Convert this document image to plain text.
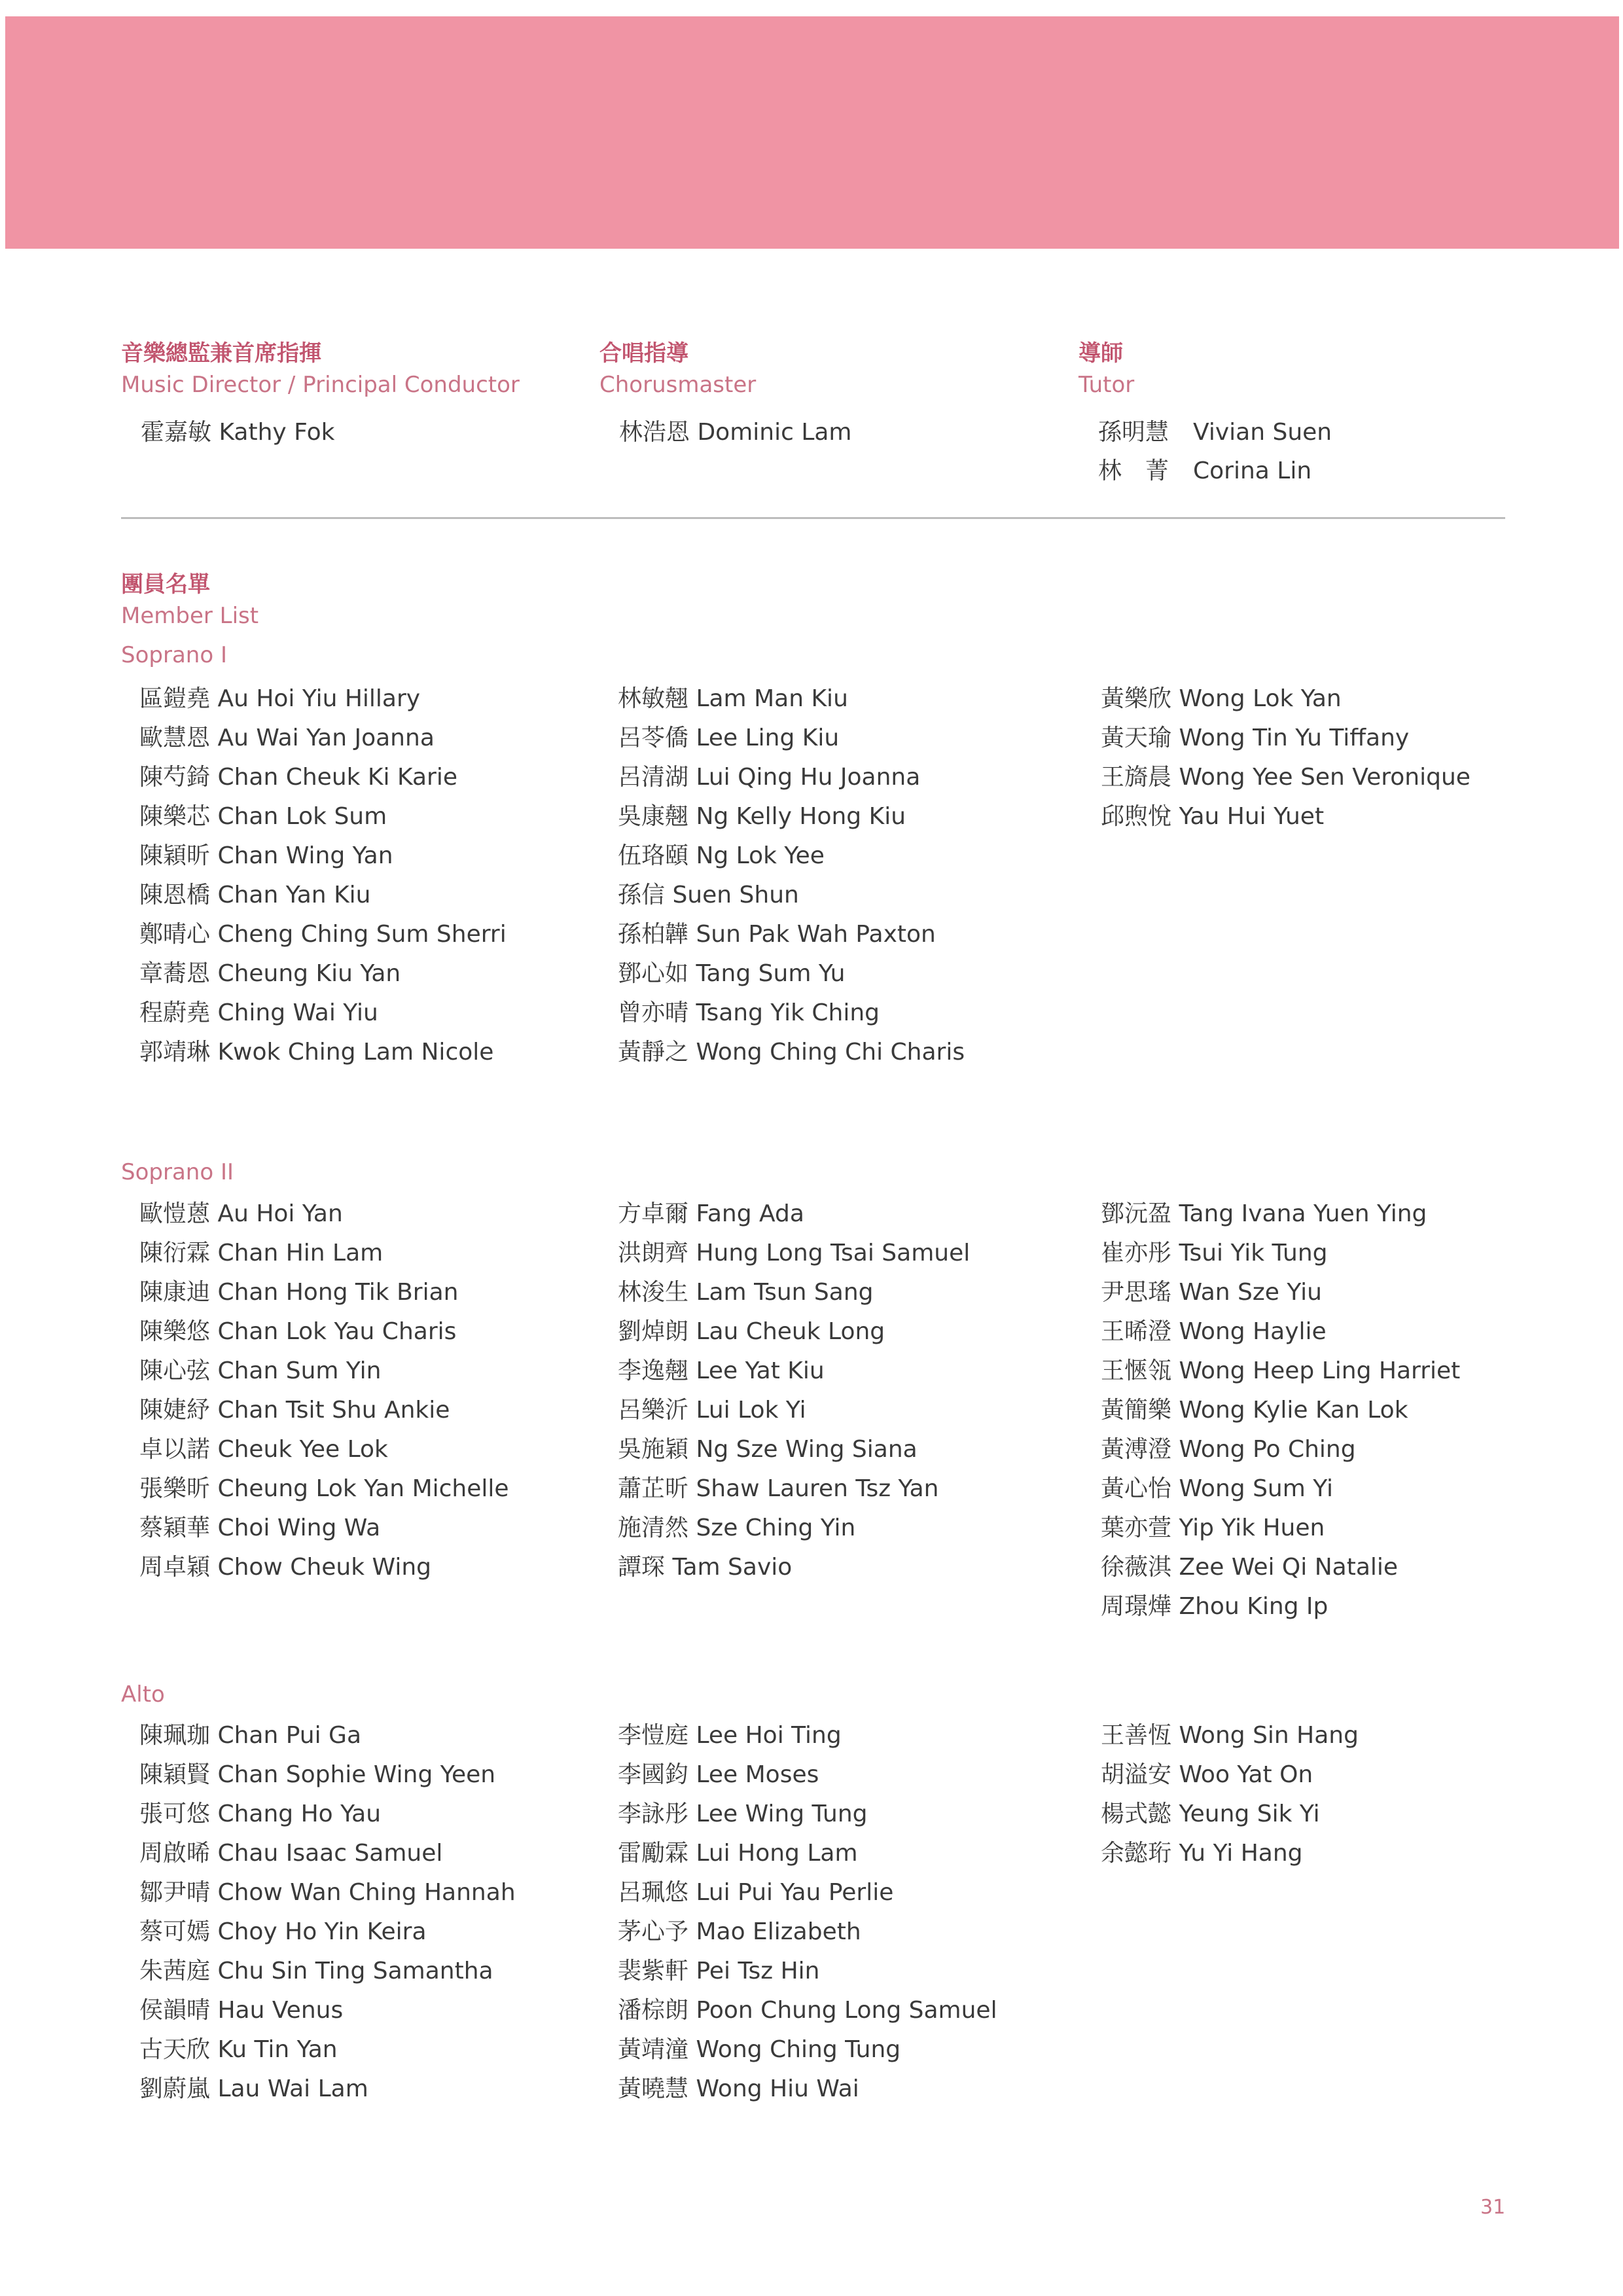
音樂總監兼首席指揮
Music Director / Principal Conductor
霍嘉敏 Kathy Fok
合唱指導
Chorusmaster
林浩恩 Dominic Lam
導師
Tutor
孫明慧 Vivian Suen
林　菁 Corina Lin
團員名單
Member List
Soprano I
區鎧堯 Au Hoi Yiu Hillary
歐慧恩 Au Wai Yan Joanna
陳芍錡 Chan Cheuk Ki Karie
陳樂芯 Chan Lok Sum
陳穎昕 Chan Wing Yan
陳恩橋 Chan Yan Kiu
鄭晴心 Cheng Ching Sum Sherri
章蕎恩 Cheung Kiu Yan
程蔚堯 Ching Wai Yiu
郭靖琳 Kwok Ching Lam Nicole
林敏翹 Lam Man Kiu
呂苓僑 Lee Ling Kiu
呂清湖 Lui Qing Hu Joanna
吳康翹 Ng Kelly Hong Kiu
伍珞頤 Ng Lok Yee
孫信 Suen Shun
孫柏韡 Sun Pak Wah Paxton
鄧心如 Tang Sum Yu
曾亦晴 Tsang Yik Ching
黃靜之 Wong Ching Chi Charis
黃樂欣 Wong Lok Yan
黃天瑜 Wong Tin Yu Tiffany
王旖晨 Wong Yee Sen Veronique
邱煦悅 Yau Hui Yuet
Soprano II
歐愷蒽 Au Hoi Yan
陳衍霖 Chan Hin Lam
陳康迪 Chan Hong Tik Brian
陳樂悠 Chan Lok Yau Charis
陳心弦 Chan Sum Yin
陳婕紓 Chan Tsit Shu Ankie
卓以諾 Cheuk Yee Lok
張樂昕 Cheung Lok Yan Michelle
蔡穎華 Choi Wing Wa
周卓穎 Chow Cheuk Wing
方卓爾 Fang Ada
洪朗齊 Hung Long Tsai Samuel
林浚生 Lam Tsun Sang
劉焯朗 Lau Cheuk Long
李逸翹 Lee Yat Kiu
呂樂沂 Lui Lok Yi
吳施穎 Ng Sze Wing Siana
蕭芷昕 Shaw Lauren Tsz Yan
施清然 Sze Ching Yin
譚琛 Tam Savio
鄧沅盈 Tang Ivana Yuen Ying
崔亦彤 Tsui Yik Tung
尹思瑤 Wan Sze Yiu
王晞澄 Wong Haylie
王愜瓴 Wong Heep Ling Harriet
黃簡樂 Wong Kylie Kan Lok
黃溥澄 Wong Po Ching
黃心怡 Wong Sum Yi
葉亦萱 Yip Yik Huen
徐薇淇 Zee Wei Qi Natalie
周璟燁 Zhou King Ip
Alto
陳珮珈 Chan Pui Ga
陳穎賢 Chan Sophie Wing Yeen
張可悠 Chang Ho Yau
周啟晞 Chau Isaac Samuel
鄒尹晴 Chow Wan Ching Hannah
蔡可嫣 Choy Ho Yin Keira
朱茜庭 Chu Sin Ting Samantha
侯韻晴 Hau Venus
古天欣 Ku Tin Yan
劉蔚嵐 Lau Wai Lam
李愷庭 Lee Hoi Ting
李國鈞 Lee Moses
李詠彤 Lee Wing Tung
雷勵霖 Lui Hong Lam
呂珮悠 Lui Pui Yau Perlie
茅心予 Mao Elizabeth
裴紫軒 Pei Tsz Hin
潘棕朗 Poon Chung Long Samuel
黃靖潼 Wong Ching Tung
黃曉慧 Wong Hiu Wai
王善恆 Wong Sin Hang
胡溢安 Woo Yat On
楊式懿 Yeung Sik Yi
余懿珩 Yu Yi Hang
31
